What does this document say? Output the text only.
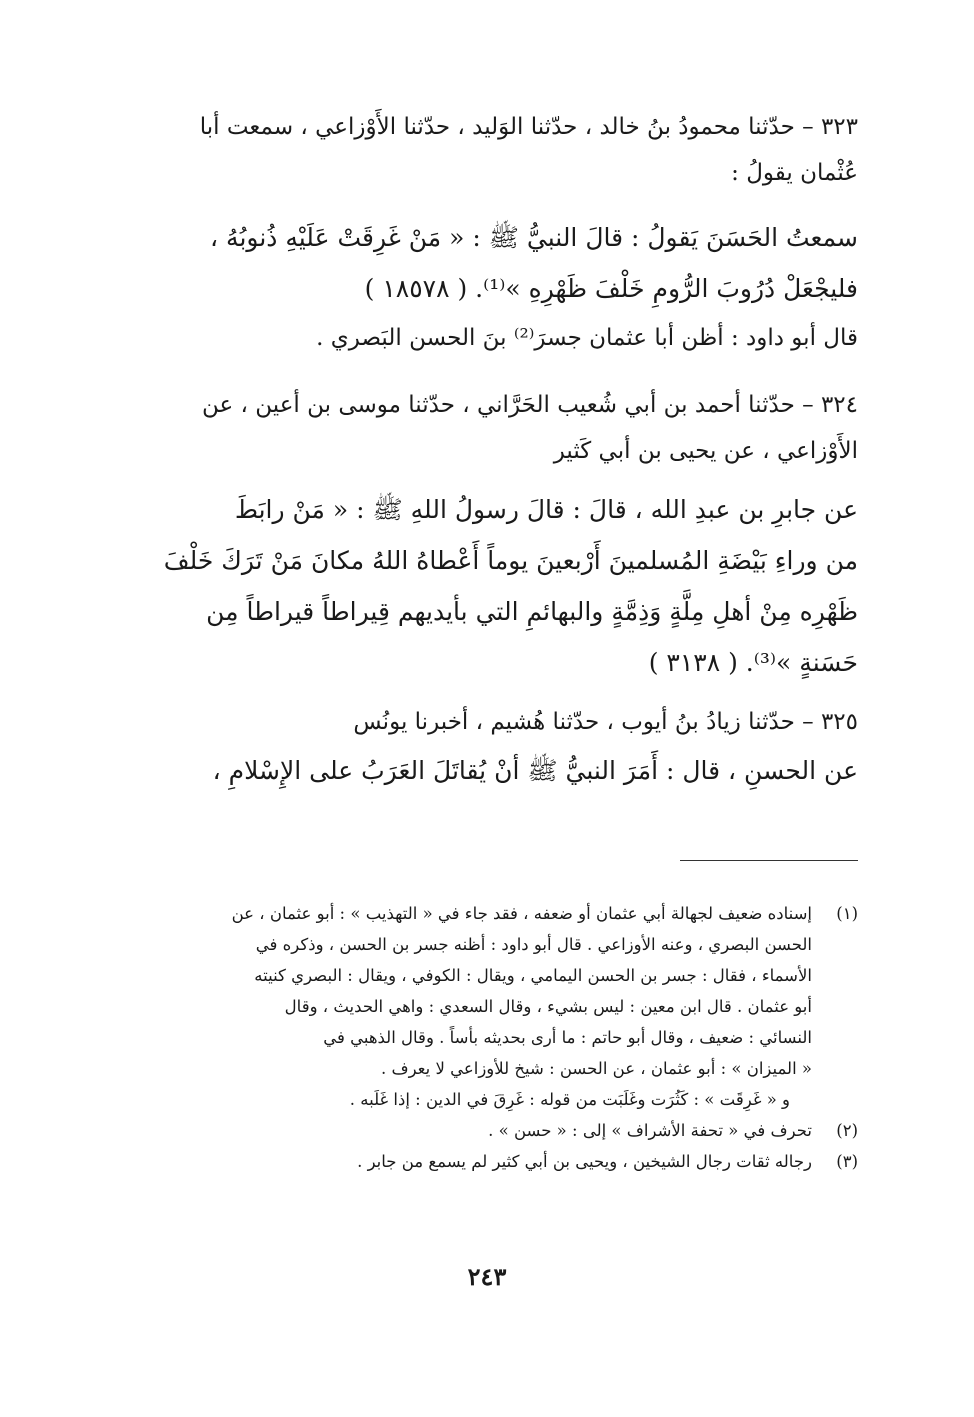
٣٢٣ – حدّثنا محمودُ بنُ خالد ، حدّثنا الوَليد ، حدّثنا الأَوْزاعي ، سمعت أبا
عُثْمان يقولُ :
سمعتُ الحَسَنَ يَقولُ : قالَ النبيُّ ﷺ : « مَنْ غَرِقَتْ عَلَيْهِ ذُنوبُهُ ،
فليجْعَلْ دُرُوبَ الرُّومِ خَلْفَ ظَهْرِهِ »⁽¹⁾. ( ١٨٥٧٨ )
قال أبو داود : أظن أبا عثمان جسرَ⁽²⁾ بنَ الحسن البَصري .
٣٢٤ – حدّثنا أحمد بن أبي شُعيب الحَرَّاني ، حدّثنا موسى بن أعين ، عن
الأَوْزاعي ، عن يحيى بن أبي كَثير
عن جابرِ بن عبدِ الله ، قالَ : قالَ رسولُ اللهِ ﷺ : « مَنْ رابَطَ
من وراءِ بَيْضَةِ المُسلمينَ أَرْبعينَ يوماً أَعْطاهُ اللهُ مكانَ مَنْ تَرَكَ خَلْفَ
ظَهْرِه مِنْ أهلِ مِلَّةٍ وَذِمَّةٍ والبهائمِ التي بأيديهم قِيراطاً قيراطاً مِن
حَسَنةٍ »⁽³⁾. ( ٣١٣٨ )
٣٢٥ – حدّثنا زيادُ بنُ أيوب ، حدّثنا هُشيم ، أخبرنا يونُس
عن الحسنِ ، قال : أَمَرَ النبيُّ ﷺ أنْ يُقاتَلَ العَرَبُ على الإِسْلامِ ،
(١)
إسناده ضعيف لجهالة أبي عثمان أو ضعفه ، فقد جاء في « التهذيب » : أبو عثمان ، عن
الحسن البصري ، وعنه الأوزاعي . قال أبو داود : أظنه جسر بن الحسن ، وذكره في
الأسماء ، فقال : جسر بن الحسن اليمامي ، ويقال : الكوفي ، ويقال : البصري كنيته
أبو عثمان . قال ابن معين : ليس بشيء ، وقال السعدي : واهي الحديث ، وقال
النسائي : ضعيف ، وقال أبو حاتم : ما أرى بحديثه بأساً . وقال الذهبي في
« الميزان » : أبو عثمان ، عن الحسن : شيخ للأوزاعي لا يعرف .
و « غَرِقَت » : كَثُرَت وغَلَبَت من قوله : غَرِقَ في الدين : إذا غَلَبه .
(٢)
تحرف في « تحفة الأشراف » إلى : « حسن » .
(٣)
رجاله ثقات رجال الشيخين ، ويحيى بن أبي كثير لم يسمع من جابر .
٢٤٣
